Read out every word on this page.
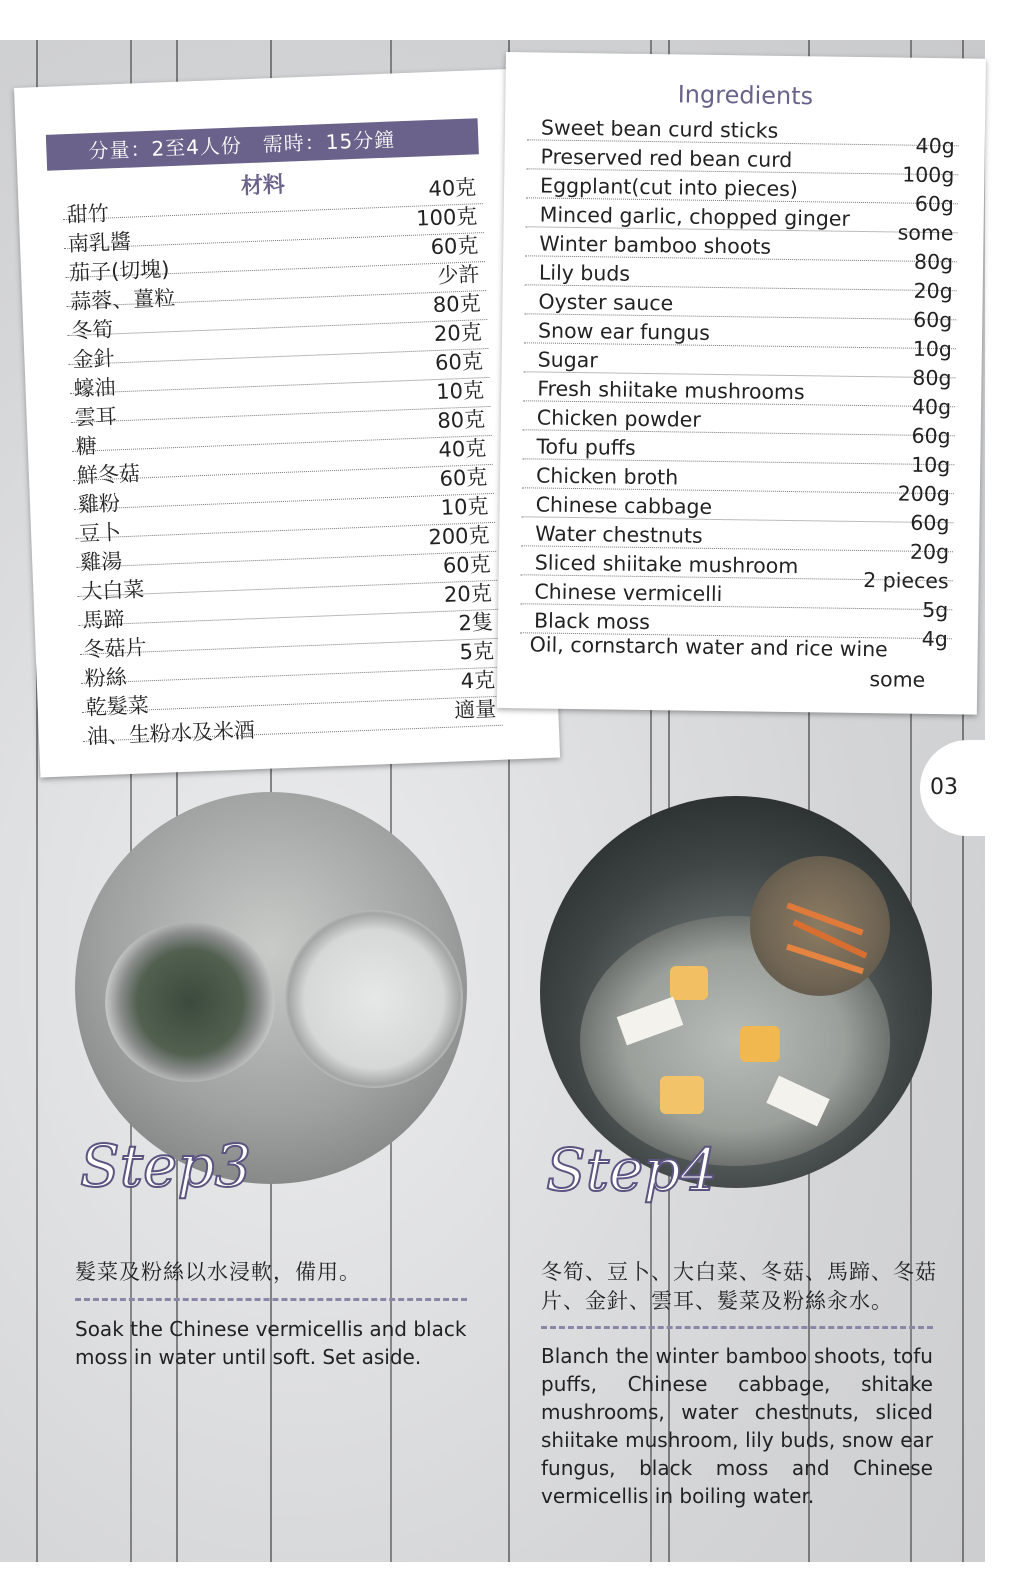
分量：2至4人份　需時：15分鐘
材料
甜竹
40克
南乳醬
100克
茄子(切塊)
60克
蒜蓉、薑粒
少許
冬筍
80克
金針
20克
蠔油
60克
雲耳
10克
糖
80克
鮮冬菇
40克
雞粉
60克
豆卜
10克
雞湯
200克
大白菜
60克
馬蹄
20克
冬菇片
2隻
粉絲
5克
乾髮菜
4克
油、生粉水及米酒
適量
Ingredients
Sweet bean curd sticks
40g
Preserved red bean curd
100g
Eggplant(cut into pieces)
60g
Minced garlic, chopped ginger
some
Winter bamboo shoots
80g
Lily buds
20g
Oyster sauce
60g
Snow ear fungus
10g
Sugar
80g
Fresh shiitake mushrooms
40g
Chicken powder
60g
Tofu puffs
10g
Chicken broth
200g
Chinese cabbage
60g
Water chestnuts
20g
Sliced shiitake mushroom
2 pieces
Chinese vermicelli
5g
Black moss
4g
Oil, cornstarch water and rice wine
some
03
Step3	Step4
髮菜及粉絲以水浸軟，備用。
Soak the Chinese vermicellis and black moss in water until soft. Set aside.
冬筍、豆卜、大白菜、冬菇、馬蹄、冬菇片、金針、雲耳、髮菜及粉絲汆水。
Blanch the winter bamboo shoots, tofu puffs, Chinese cabbage, shitake mushrooms, water chestnuts, sliced shiitake mushroom, lily buds, snow ear fungus, black moss and Chinese vermicellis in boiling water.
